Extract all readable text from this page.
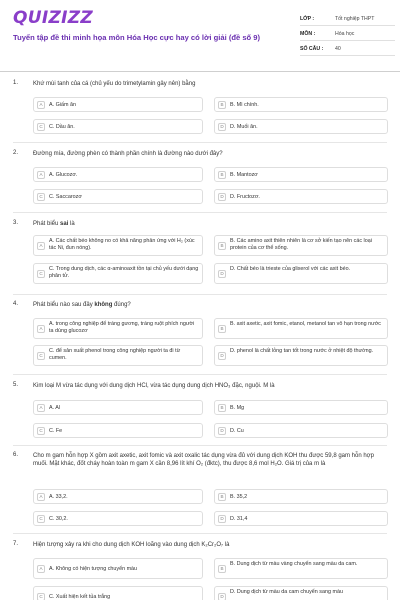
QUIZIZZ
Tuyển tập đề thi minh họa môn Hóa Học cực hay có lời giải (đề số 9)
LỚP :	Tốt nghiệp THPT
MÔN :	Hóa học
SỐ CÂU : 40
1. Khứ mùi tanh của cá (chủ yếu do trimetylamin gây nên) bằng
A	A. Giấm ăn	B	B. Mì chính.
C	C. Dầu ăn.	D	D. Muối ăn.
2. Đường mía, đường phèn có thành phần chính là đường nào dưới đây?
A	A. Glucozơ.	B	B. Mantozơ
C	C. Saccarozơ	D	D. Fructozơ.
3. Phát biểu sai là
A
A. Các chất béo không no có khả năng phản ứng với H₂ (xúc tác Ni, đun nóng).	B
B. Các amino axit thiên nhiên là cơ sở kiến tạo nên các loại protein của cơ thể sống.
C
C. Trong dung dịch, các α-aminoaxit tồn tại chủ yếu dưới dạng phân tử.	D
D. Chất béo là trieste của glixerol với các axit béo.
4. Phát biểu nào sau đây không đúng?
A
A. trong công nghiệp để tráng gương, tráng ruột phích người ta dùng glucozơ	B
B. axit axetic, axit fomic, etanol, metanol tan vô hạn trong nước
C
C. để sản xuất phenol trong công nghiệp người ta đi từ cumen.	D
D. phenol là chất lỏng tan tốt trong nước ở nhiệt độ thường.
5. Kim loại M vừa tác dụng với dung dịch HCl, vừa tác dụng dung dịch HNO₃ đặc, nguội. M là
A	A. Al	B	B. Mg
C	C. Fe	D	D. Cu
6. Cho m gam hỗn hợp X gồm axit axetic, axit fomic và axit oxalic tác dụng vừa đủ với dung dịch KOH thu được 59,8 gam hỗn hợp muối. Mặt khác, đốt cháy hoàn toàn m gam X cần 8,96 lít khí O₂ (đktc), thu được 8,6 mol H₂O. Giá trị của m là
A	A. 33,2.	B	B. 35,2
C	C. 30,2.	D	D. 31,4
7. Hiện tượng xảy ra khi cho dung dịch KOH loãng vào dung dịch K₂Cr₂O₇ là
A	A. Không có hiện tượng chuyển màu	B
B. Dung dịch từ màu vàng chuyển sang màu da cam.
C	C. Xuất hiện kết tủa trắng	D
D. Dung dịch từ màu da cam chuyển sang màu
